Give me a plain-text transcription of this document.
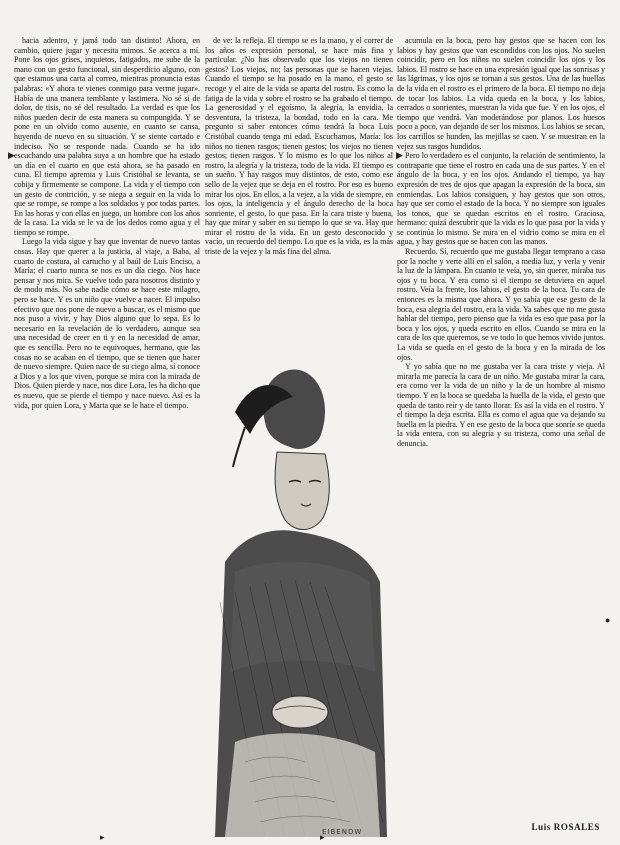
hacia adentro, y jamá todo tan distinto! Ahora, en cambio, quiere jugar y necesita mimos. Se acerca a mí. Pone los ojos grises, inquietos, fatigados, me sube de la mano con un gesto funcional, sin desperdicio alguno, con que estamos una carta al correo, mientras pronuncia estas palabras: «Y ahora te vienes conmigo para verme jugar». Había de una manera temblante y lastimera. No sé si de dolor, de tisis, no sé del resultado. La verdad es que los niños pueden decir de esta manera su compungida. Y se pone en un olvido como ausente, en cuanto se cansa, huyendo de nuevo en su situación. Y se siente cortado e indeciso. No se responde nada. Cuando se ha ido escuchando una palabra suya a un hombre que ha estado un día en el cuarto en que está ahora, se ha pasado en cuna. El tiempo apremia y Luis Cristóbal se levanta, se cobija y firmemente se compone. La vida y el tiempo con un gesto de contrición, y se niega a seguir en la vida lo que se rompe, se rompe a los soldados y por todas partes. En las horas y con ellas en juego, un hombre con los años de la casa. La vida se le va de los dedos como agua y el tiempo se rompe.

Luego la vida sigue y hay que inventar de nuevo tantas cosas. Hay que querer a la justicia, al viaje, a Baba, al cuarto de costura, al cartucho y al baúl de Luis Enciso, a María; el cuarto nunca se nos es un día ciego. Nos hace pensar y nos mira. Se vuelve todo para nosotros distinto y de modo más. No sabe nadie cómo se hace este milagro, pero se hace. Y es un niño que vuelve a nacer. El impulso efectivo que nos pone de nuevo a buscar, es el mismo que nos puso a vivir, y hay Dios alguno que lo sepa. Es lo necesario en la revelación de lo verdadero, aunque sea una necesidad de creer en ti y en la necesidad de amar, que es sencilla. Pero no te equivoques, hermano, que las cosas no se acaban en el tiempo, que se tienen que hacer de nuevo siempre. Quien nace de su ciego alma, sí conoce a Dios y a los que viven, porque se mira con la mirada de Dios. Quien pierde y nace, nos dice Lora, les ha dicho que es nuevo, que se pierde el tiempo y nace nuevo. Así es la vida, por quien Lora, y Marta que se le hace el tiempo.

de ve: la refleja. El tiempo se es la mano, y el correr de los años es expresión personal, se hace más fina y particular. ¿No has observado que los viejos no tienen gestos? Los viejos, no; las personas que se hacen viejas. Cuando el tiempo se ha posado en la mano, el gesto se recoge y el aire de la vida se aparta del rostro. Es como la fatiga de la vida y sobre el rostro se ha grabado el tiempo. La generosidad y el egoísmo, la alegría, la envidia, la desventura, la tristeza, la bondad, todo en la cara. Me pregunto si saber entonces cómo tendrá la boca Luis Cristóbal cuando tenga mi edad. Escuchamos, María: los niños no tienen rasgos; tienen gestos; los viejos no tienen gestos; tienen rasgos. Y lo mismo es lo que los niños al rostro, la alegría y la tristeza, todo de la vida. El tiempo es un sueño. Y hay rasgos muy distintos, de esto, como ese sello de la vejez que se deja en el rostro. Por eso es bueno mirar los ojos. En ellos, a la vejez, a la vida de siempre, en los ojos, la inteligencia y el ángulo derecho de la boca sonriente, el gesto, lo que pasa. En la cara triste y buena, hay que mirar y saber en su tiempo lo que se va. Hay que mirar el rostro de la vida. En un gesto desconocido y vacío, un recuerdo del tiempo. Lo que es la vida, es la más triste de la vejez y la más fina del alma.

EIBENDW

acumula en la boca, pero hay gestos que se hacen con los labios y hay gestos que van escondidos con los ojos. No suelen coincidir, pero en los niños no suelen coincidir los ojos y los labios. El rostro se hace en una expresión igual que las sonrisas y las lágrimas, y los ojos se tornan a sus gestos. Una de las huellas de la vida en el rostro es el primero de la boca. El tiempo no deja de tocar los labios. La vida queda en la boca, y los labios, cerrados o sonrientes, muestran la vida que fue. Y en los ojos, el tiempo que vendrá. Van moderándose por planos. Los huesos poco a poco, van dejando de ser los mismos. Los labios se secan, los carrillos se hunden, las mejillas se caen. Y se muestran en la vejez sus rasgos hundidos.

Pero lo verdadero es el conjunto, la relación de sentimiento, la contraparte que tiene el rostro en cada una de sus partes. Y en el ángulo de la boca, y en los ojos. Andando el tiempo, ya hay expresión de tres de ojos que apagan la expresión de la boca, sin enmiendas. Los labios consiguen, y hay gestos que son otros, hay que ser como el estado de la boca. Y no siempre son iguales los tonos, que se quedan escritos en el rostro. Graciosa, hermano: quizá descubrir que la vida es lo que pasa por la vida y se continúa lo mismo. Se mira en el vidrio como se mira en el agua, y hay gestos que se hacen con las manos.

Recuerdo. Sí, recuerdo que me gustaba llegar temprano a casa por la noche y verte allí en el salón, a media luz, y verla y venir la luz de la lámpara. En cuanto te veía, yo, sin querer, miraba tus ojos y tu boca. Y era como si el tiempo se detuviera en aquel rostro. Veía la frente, los labios, el gesto de la boca. Tu cara de entonces es la misma que ahora. Y yo sabía que ese gesto de la boca, esa alegría del rostro, era la vida. Ya sabes que no me gusta hablar del tiempo, pero pienso que la vida es eso que pasa por la boca y los ojos, y queda escrito en ellos. Cuando se mira en la cara de los que queremos, se ve todo lo que hemos vivido juntos. La vida se queda en el gesto de la boca y en la mirada de los ojos.

Y yo sabía que no me gustaba ver la cara triste y vieja. Al mirarla me parecía la cara de un niño. Me gustaba mirar la cara, era como ver la vida de un niño y la de un hombre al mismo tiempo. Y en la boca se quedaba la huella de la vida, el gesto que queda de tanto reír y de tanto llorar. Es así la vida en el rostro. Y el tiempo la deja escrita. Ella es como el agua que va dejando su huella en la piedra. Y en ese gesto de la boca que sonríe se queda la vida entera, con su alegría y su tristeza, como una señal de denuncia.

Luis ROSALES
▶	▶
●
▸	▸
